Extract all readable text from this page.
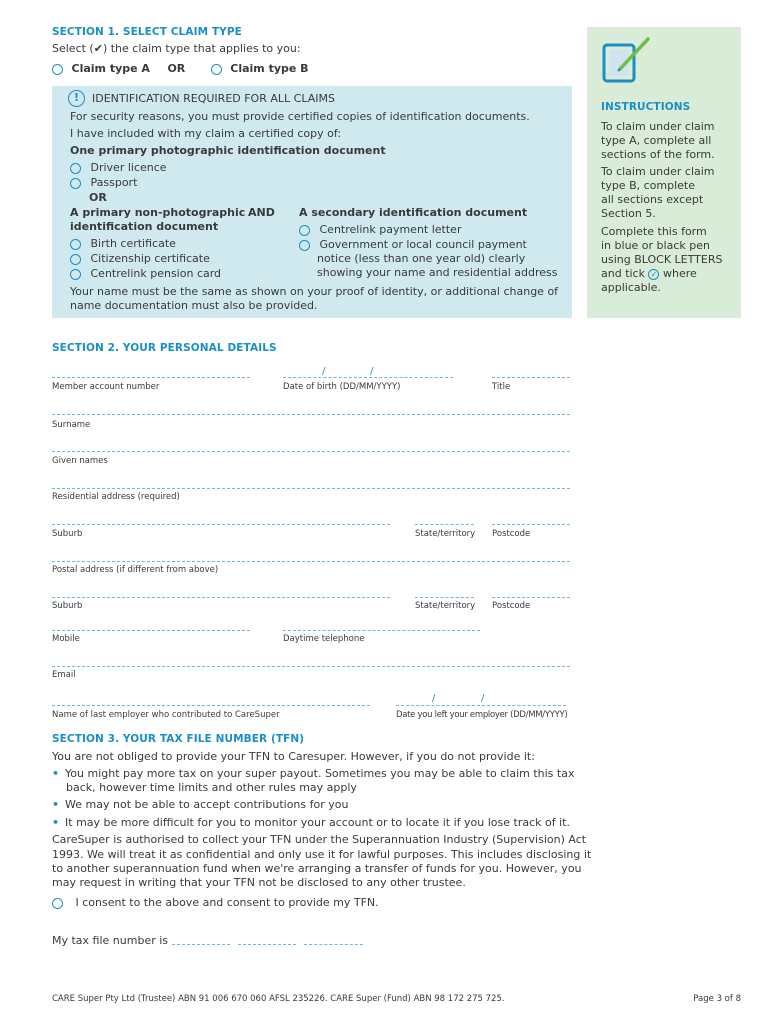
SECTION 1. SELECT CLAIM TYPE
Select (✔) the claim type that applies to you:
Claim type A OR	Claim type B
!	IDENTIFICATION REQUIRED FOR ALL CLAIMS
For security reasons, you must provide certified copies of identification documents.
I have included with my claim a certified copy of:
One primary photographic identification document
Driver licence
Passport
OR
A primary non-photographic
identification document
AND A secondary identification document
Birth certificate
Citizenship certificate
Centrelink pension card
Centrelink payment letter
Government or local council payment
notice (less than one year old) clearly
showing your name and residential address
Your name must be the same as shown on your proof of identity, or additional change of
name documentation must also be provided.
INSTRUCTIONS
To claim under claim
type A, complete all
sections of the form.
To claim under claim
type B, complete
all sections except
Section 5.
Complete this form
in blue or black pen
using BLOCK LETTERS
and tick ✓ where
applicable.
SECTION 2. YOUR PERSONAL DETAILS
/	/
Member account number	Date of birth (DD/MM/YYYY)	Title
Surname
Given names
Residential address (required)
Suburb	State/territory Postcode
Postal address (if different from above)
Suburb	State/territory Postcode
Mobile	Daytime telephone
Email
/	/
Name of last employer who contributed to CareSuper	Date you left your employer (DD/MM/YYYY)
SECTION 3. YOUR TAX FILE NUMBER (TFN)
You are not obliged to provide your TFN to Caresuper. However, if you do not provide it:
• You might pay more tax on your super payout. Sometimes you may be able to claim this tax
back, however time limits and other rules may apply
• We may not be able to accept contributions for you
• It may be more difficult for you to monitor your account or to locate it if you lose track of it.
CareSuper is authorised to collect your TFN under the Superannuation Industry (Supervision) Act
1993. We will treat it as confidential and only use it for lawful purposes. This includes disclosing it
to another superannuation fund when we're arranging a transfer of funds for you. However, you
may request in writing that your TFN not be disclosed to any other trustee.
I consent to the above and consent to provide my TFN.
My tax file number is
CARE Super Pty Ltd (Trustee) ABN 91 006 670 060 AFSL 235226. CARE Super (Fund) ABN 98 172 275 725.	Page 3 of 8
